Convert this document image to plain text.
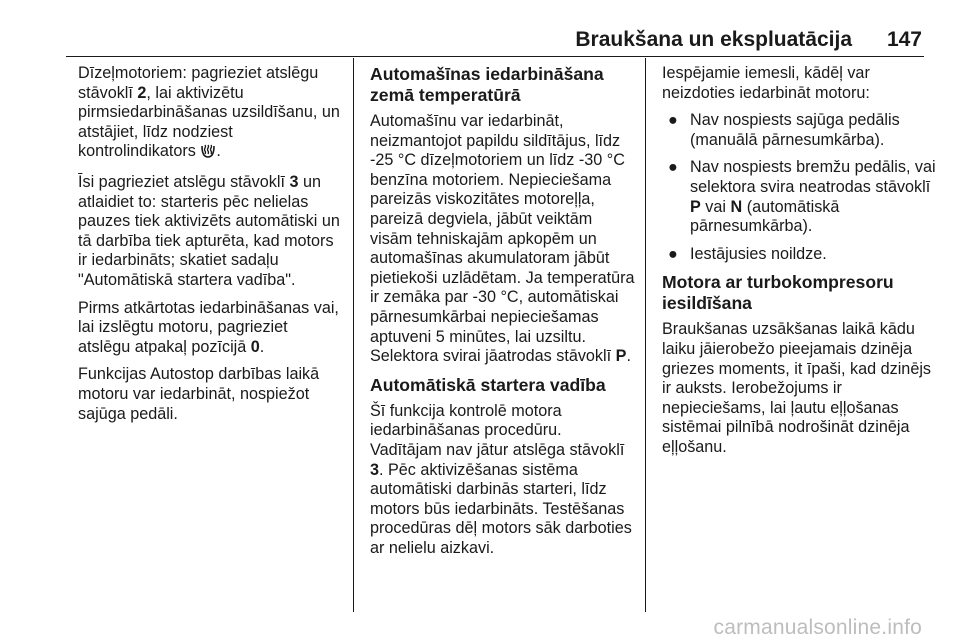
Braukšana un ekspluatācija 147

Dīzeļmotoriem: pagrieziet atslēgu stāvoklī 2, lai aktivizētu pirmsiedarbināšanas uzsildīšanu, un atstājiet, līdz nodziest kontrolindikators .

Īsi pagrieziet atslēgu stāvoklī 3 un atlaidiet to: starteris pēc nelielas pauzes tiek aktivizēts automātiski un tā darbība tiek apturēta, kad motors ir iedarbināts; skatiet sadaļu "Automātiskā startera vadība".

Pirms atkārtotas iedarbināšanas vai, lai izslēgtu motoru, pagrieziet atslēgu atpakaļ pozīcijā 0.

Funkcijas Autostop darbības laikā motoru var iedarbināt, nospiežot sajūga pedāli.

Automašīnas iedarbināšana zemā temperatūrā

Automašīnu var iedarbināt, neizmantojot papildu sildītājus, līdz -25 °C dīzeļmotoriem un līdz -30 °C benzīna motoriem. Nepieciešama pareizās viskozitātes motoreļļa, pareizā degviela, jābūt veiktām visām tehniskajām apkopēm un automašīnas akumulatoram jābūt pietiekoši uzlādētam. Ja temperatūra ir zemāka par -30 °C, automātiskai pārnesumkārbai nepieciešamas aptuveni 5 minūtes, lai uzsiltu. Selektora svirai jāatrodas stāvoklī P.

Automātiskā startera vadība

Šī funkcija kontrolē motora iedarbināšanas procedūru.
Vadītājam nav jātur atslēga stāvoklī 3. Pēc aktivizēšanas sistēma automātiski darbinās starteri, līdz motors būs iedarbināts. Testēšanas procedūras dēļ motors sāk darboties ar nelielu aizkavi.

Iespējamie iemesli, kādēļ var neizdoties iedarbināt motoru:

● Nav nospiests sajūga pedālis (manuālā pārnesumkārba).
● Nav nospiests bremžu pedālis, vai selektora svira neatrodas stāvoklī P vai N (automātiskā pārnesumkārba).
● Iestājusies noildze.
Motora ar turbokompresoru iesildīšana

Braukšanas uzsākšanas laikā kādu laiku jāierobežo pieejamais dzinēja griezes moments, it īpaši, kad dzinējs ir auksts. Ierobežojums ir nepieciešams, lai ļautu eļļošanas sistēmai pilnībā nodrošināt dzinēja eļļošanu.

carmanualsonline.info
